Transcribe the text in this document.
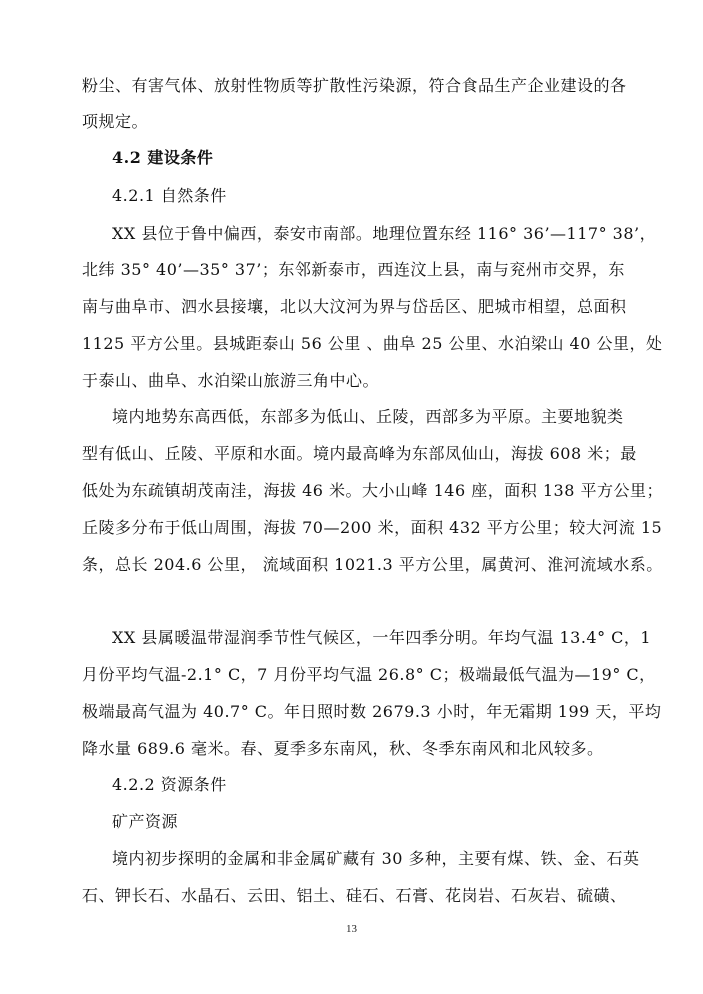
粉尘、有害气体、放射性物质等扩散性污染源，符合食品生产企业建设的各
项规定。
4.2 建设条件
4.2.1 自然条件
XX 县位于鲁中偏西，泰安市南部。地理位置东经 116° 36’—117° 38’，
北纬 35° 40’—35° 37’；东邻新泰市，西连汶上县，南与兖州市交界，东
南与曲阜市、泗水县接壤，北以大汶河为界与岱岳区、肥城市相望，总面积
1125 平方公里。县城距泰山 56 公里 、曲阜 25 公里、水泊梁山 40 公里，处
于泰山、曲阜、水泊梁山旅游三角中心。
境内地势东高西低，东部多为低山、丘陵，西部多为平原。主要地貌类
型有低山、丘陵、平原和水面。境内最高峰为东部凤仙山，海拔 608 米；最
低处为东疏镇胡茂南洼，海拔 46 米。大小山峰 146 座，面积 138 平方公里；
丘陵多分布于低山周围，海拔 70—200 米，面积 432 平方公里；较大河流 15
条，总长 204.6 公里， 流域面积 1021.3 平方公里，属黄河、淮河流域水系。
XX 县属暖温带湿润季节性气候区，一年四季分明。年均气温 13.4° C，1
月份平均气温-2.1° C，7 月份平均气温 26.8° C；极端最低气温为—19° C，
极端最高气温为 40.7° C。年日照时数 2679.3 小时，年无霜期 199 天，平均
降水量 689.6 毫米。春、夏季多东南风，秋、冬季东南风和北风较多。
4.2.2 资源条件
矿产资源
境内初步探明的金属和非金属矿藏有 30 多种，主要有煤、铁、金、石英
石、钾长石、水晶石、云田、铝土、硅石、石膏、花岗岩、石灰岩、硫磺、
13
